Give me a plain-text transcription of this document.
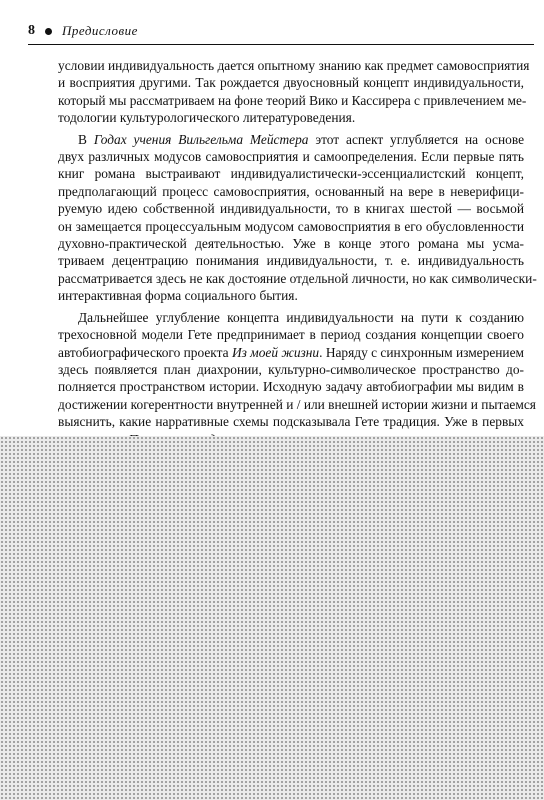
8 Предисловие

условии индивидуальность дается опытному знанию как предмет самовосприятия
и восприятия другими. Так рождается двуосновный концепт индивидуальности,
который мы рассматриваем на фоне теорий Вико и Кассирера с привлечением ме-
тодологии культурологического литературоведения.

В Годах учения Вильгельма Мейстера этот аспект углубляется на основе
двух различных модусов самовосприятия и самоопределения. Если первые пять
книг романа выстраивают индивидуалистически-эссенциалистский концепт,
предполагающий процесс самовосприятия, основанный на вере в неверифици-
руемую идею собственной индивидуальности, то в книгах шестой — восьмой
он замещается процессуальным модусом самовосприятия в его обусловленности
духовно-практической деятельностью. Уже в конце этого романа мы усма-
триваем децентрацию понимания индивидуальности, т. е. индивидуальность
рассматривается здесь не как достояние отдельной личности, но как символически-
интерактивная форма социального бытия.

Дальнейшее углубление концепта индивидуальности на пути к созданию
трехосновной модели Гете предпринимает в период создания концепции своего
автобиографического проекта Из моей жизни. Наряду с синхронным измерением
здесь появляется план диахронии, культурно-символическое пространство до-
полняется пространством истории. Исходную задачу автобиографии мы видим в
достижении когерентности внутренней и / или внешней истории жизни и пытаемся
выяснить, какие нарративные схемы подсказывала Гете традиция. Уже в первых
